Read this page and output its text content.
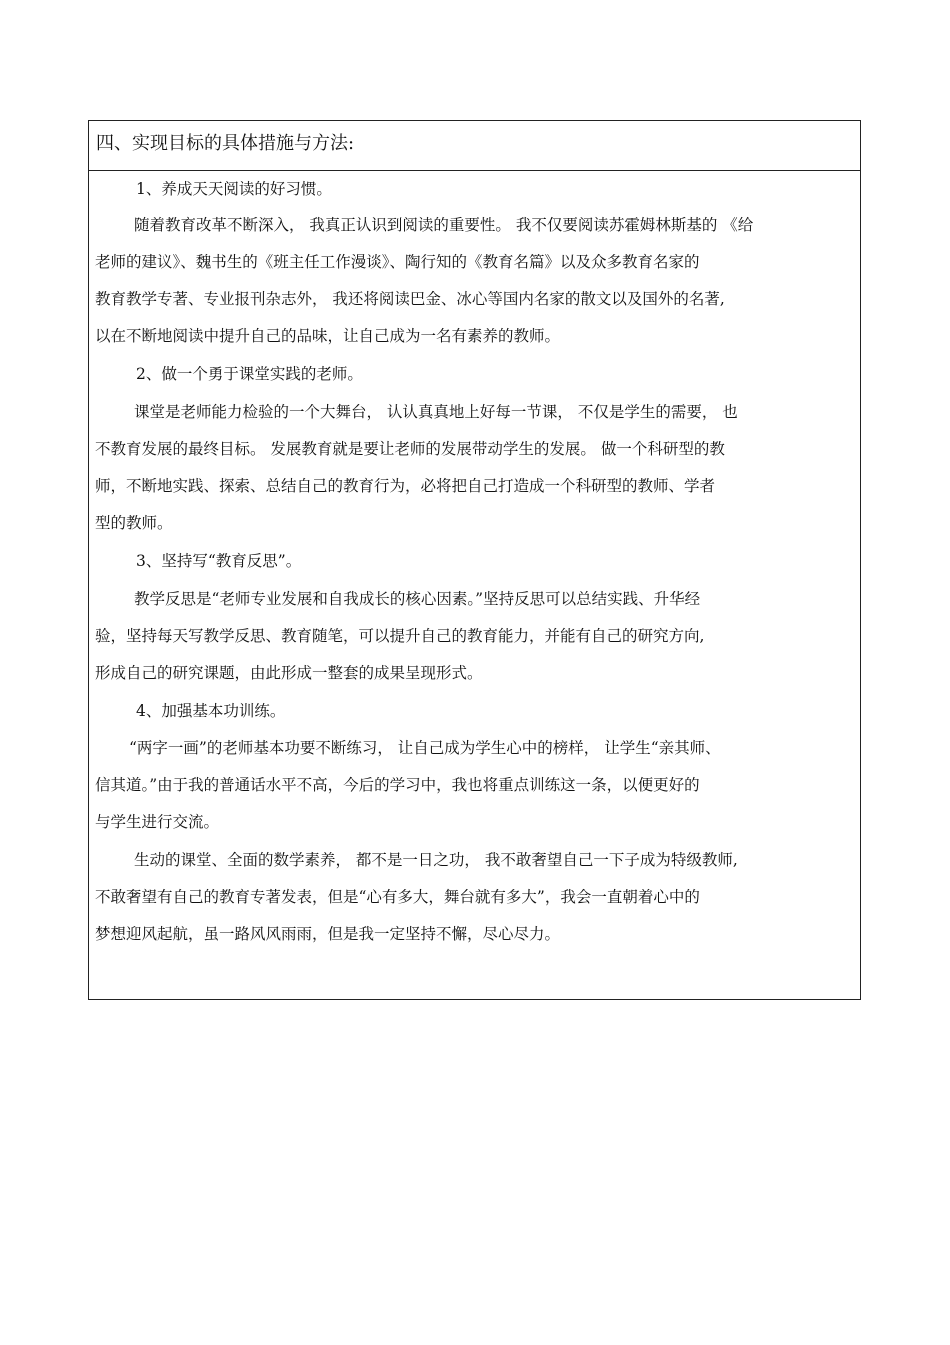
四、实现目标的具体措施与方法:
1、养成天天阅读的好习惯。
随着教育改革不断深入， 我真正认识到阅读的重要性。 我不仅要阅读苏霍姆林斯基的 《给
老师的建议》、魏书生的《班主任工作漫谈》、陶行知的《教育名篇》以及众多教育名家的
教育教学专著、专业报刊杂志外， 我还将阅读巴金、冰心等国内名家的散文以及国外的名著,
以在不断地阅读中提升自己的品味，让自己成为一名有素养的教师。
2、做一个勇于课堂实践的老师。
课堂是老师能力检验的一个大舞台， 认认真真地上好每一节课， 不仅是学生的需要， 也
不教育发展的最终目标。 发展教育就是要让老师的发展带动学生的发展。 做一个科研型的教
师，不断地实践、探索、总结自己的教育行为，必将把自己打造成一个科研型的教师、学者
型的教师。
3、坚持写“教育反思”。
教学反思是“老师专业发展和自我成长的核心因素。”坚持反思可以总结实践、升华经
验，坚持每天写教学反思、教育随笔，可以提升自己的教育能力，并能有自己的研究方向,
形成自己的研究课题，由此形成一整套的成果呈现形式。
4、加强基本功训练。
“两字一画”的老师基本功要不断练习， 让自己成为学生心中的榜样， 让学生“亲其师、
信其道。”由于我的普通话水平不高，今后的学习中，我也将重点训练这一条，以便更好的
与学生进行交流。
生动的课堂、全面的数学素养， 都不是一日之功， 我不敢奢望自己一下子成为特级教师,
不敢奢望有自己的教育专著发表，但是“心有多大，舞台就有多大”，我会一直朝着心中的
梦想迎风起航，虽一路风风雨雨，但是我一定坚持不懈，尽心尽力。
